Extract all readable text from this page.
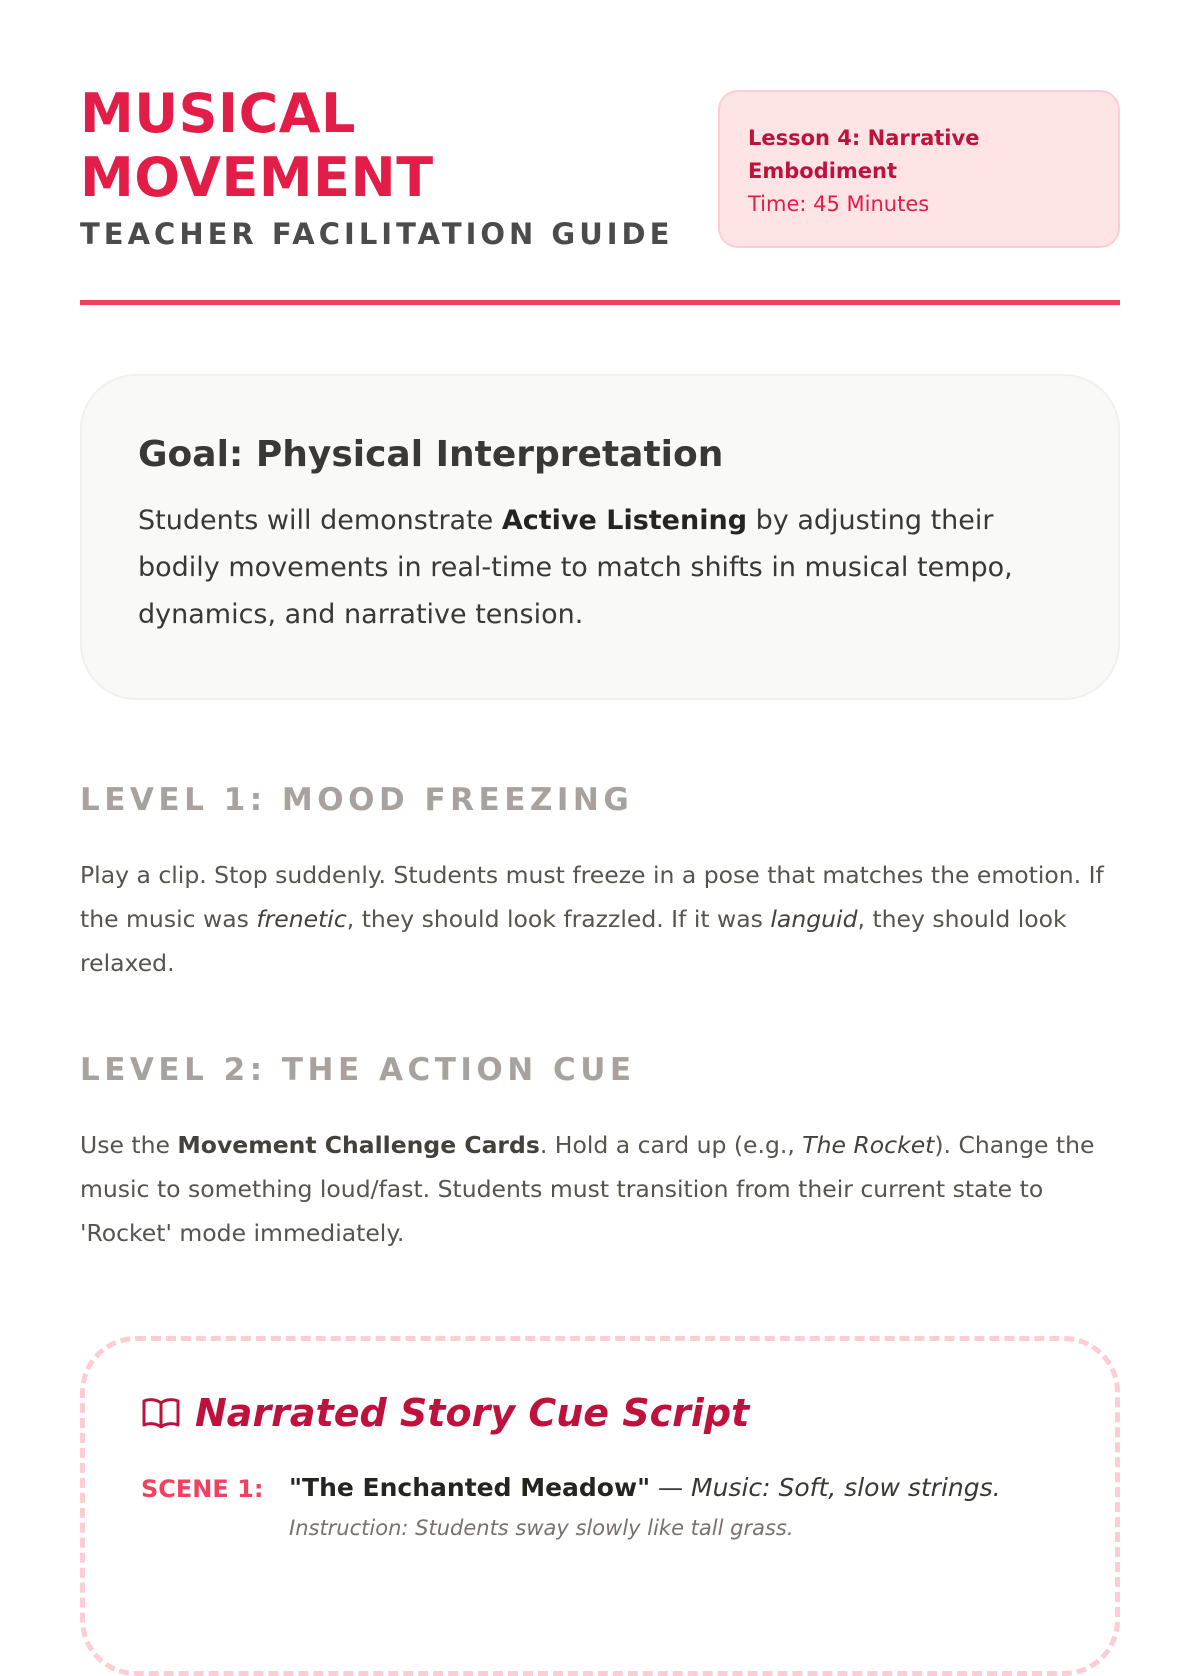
MUSICAL
MOVEMENT
TEACHER FACILITATION GUIDE
Lesson 4: Narrative
Embodiment
Time: 45 Minutes
Goal: Physical Interpretation

Students will demonstrate Active Listening by adjusting their bodily movements in real-time to match shifts in musical tempo, dynamics, and narrative tension.

LEVEL 1: MOOD FREEZING

Play a clip. Stop suddenly. Students must freeze in a pose that matches the emotion. If the music was frenetic, they should look frazzled. If it was languid, they should look relaxed.

LEVEL 2: THE ACTION CUE

Use the Movement Challenge Cards. Hold a card up (e.g., The Rocket). Change the music to something loud/fast. Students must transition from their current state to 'Rocket' mode immediately.

Narrated Story Cue Script
SCENE 1:	"The Enchanted Meadow" — Music: Soft, slow strings.
Instruction: Students sway slowly like tall grass.
